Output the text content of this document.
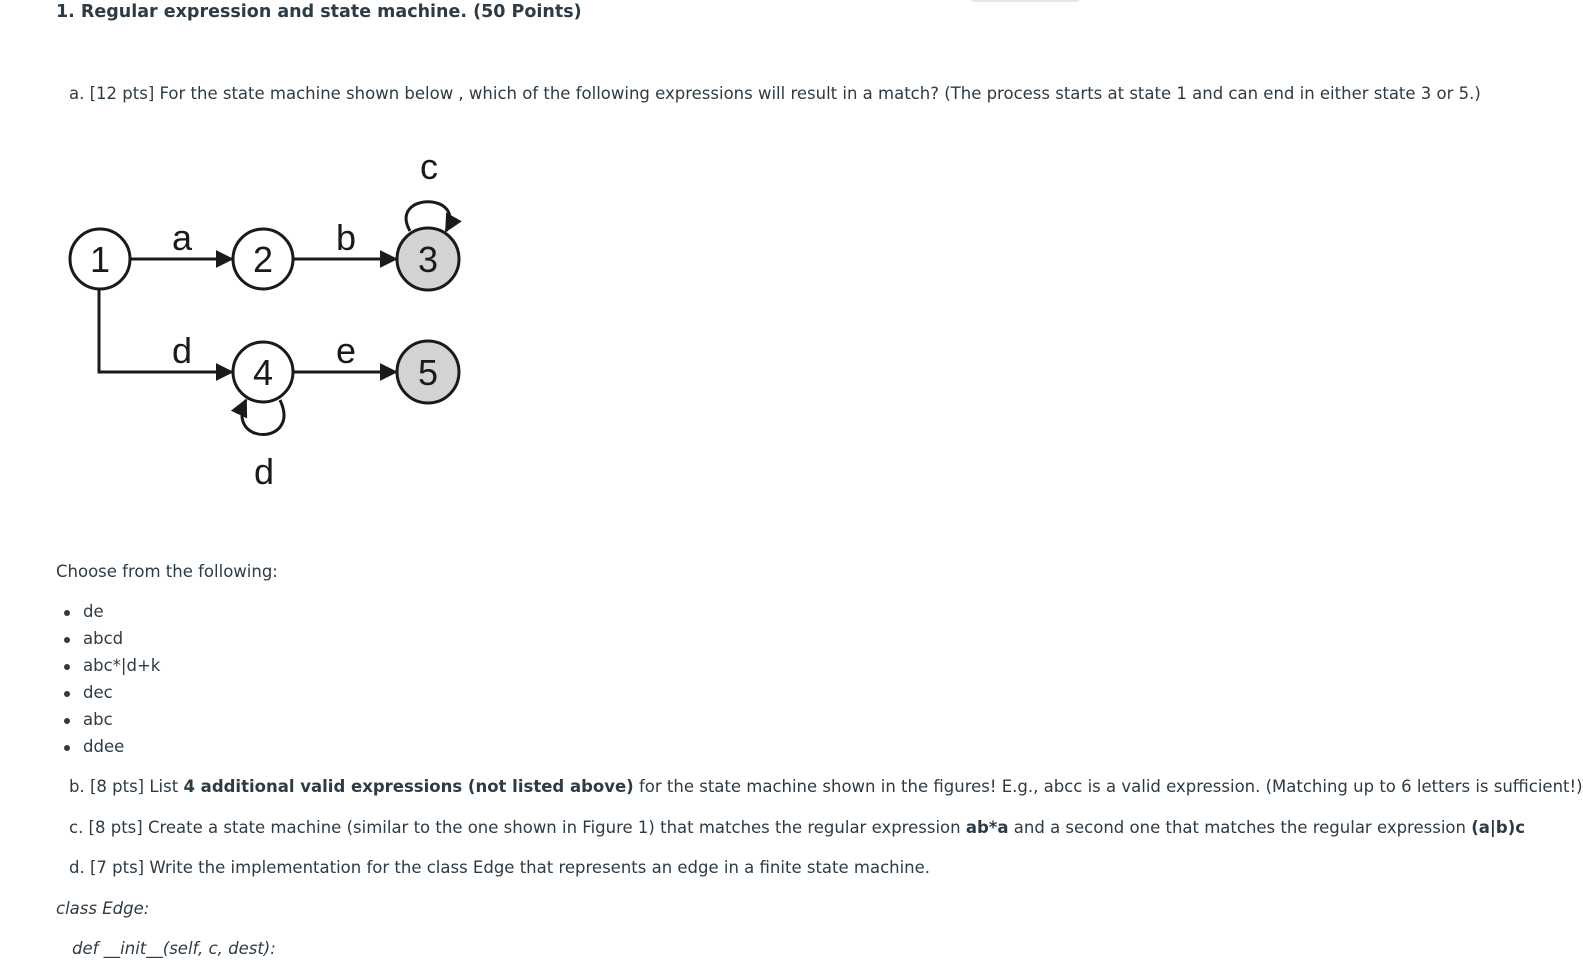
1. Regular expression and state machine. (50 Points)
a. [12 pts] For the state machine shown below , which of the following expressions will result in a match? (The process starts at state 1 and can end in either state 3 or 5.)
1	2	3
4	5
a	b
c
d	e
d
Choose from the following:
de
abcd
abc*|d+k
dec
abc
ddee
b. [8 pts] List 4 additional valid expressions (not listed above) for the state machine shown in the figures! E.g., abcc is a valid expression. (Matching up to 6 letters is sufficient!)
c. [8 pts] Create a state machine (similar to the one shown in Figure 1) that matches the regular expression ab*a and a second one that matches the regular expression (a|b)c
d. [7 pts] Write the implementation for the class Edge that represents an edge in a finite state machine.
class Edge:
def __init__(self, c, dest):
